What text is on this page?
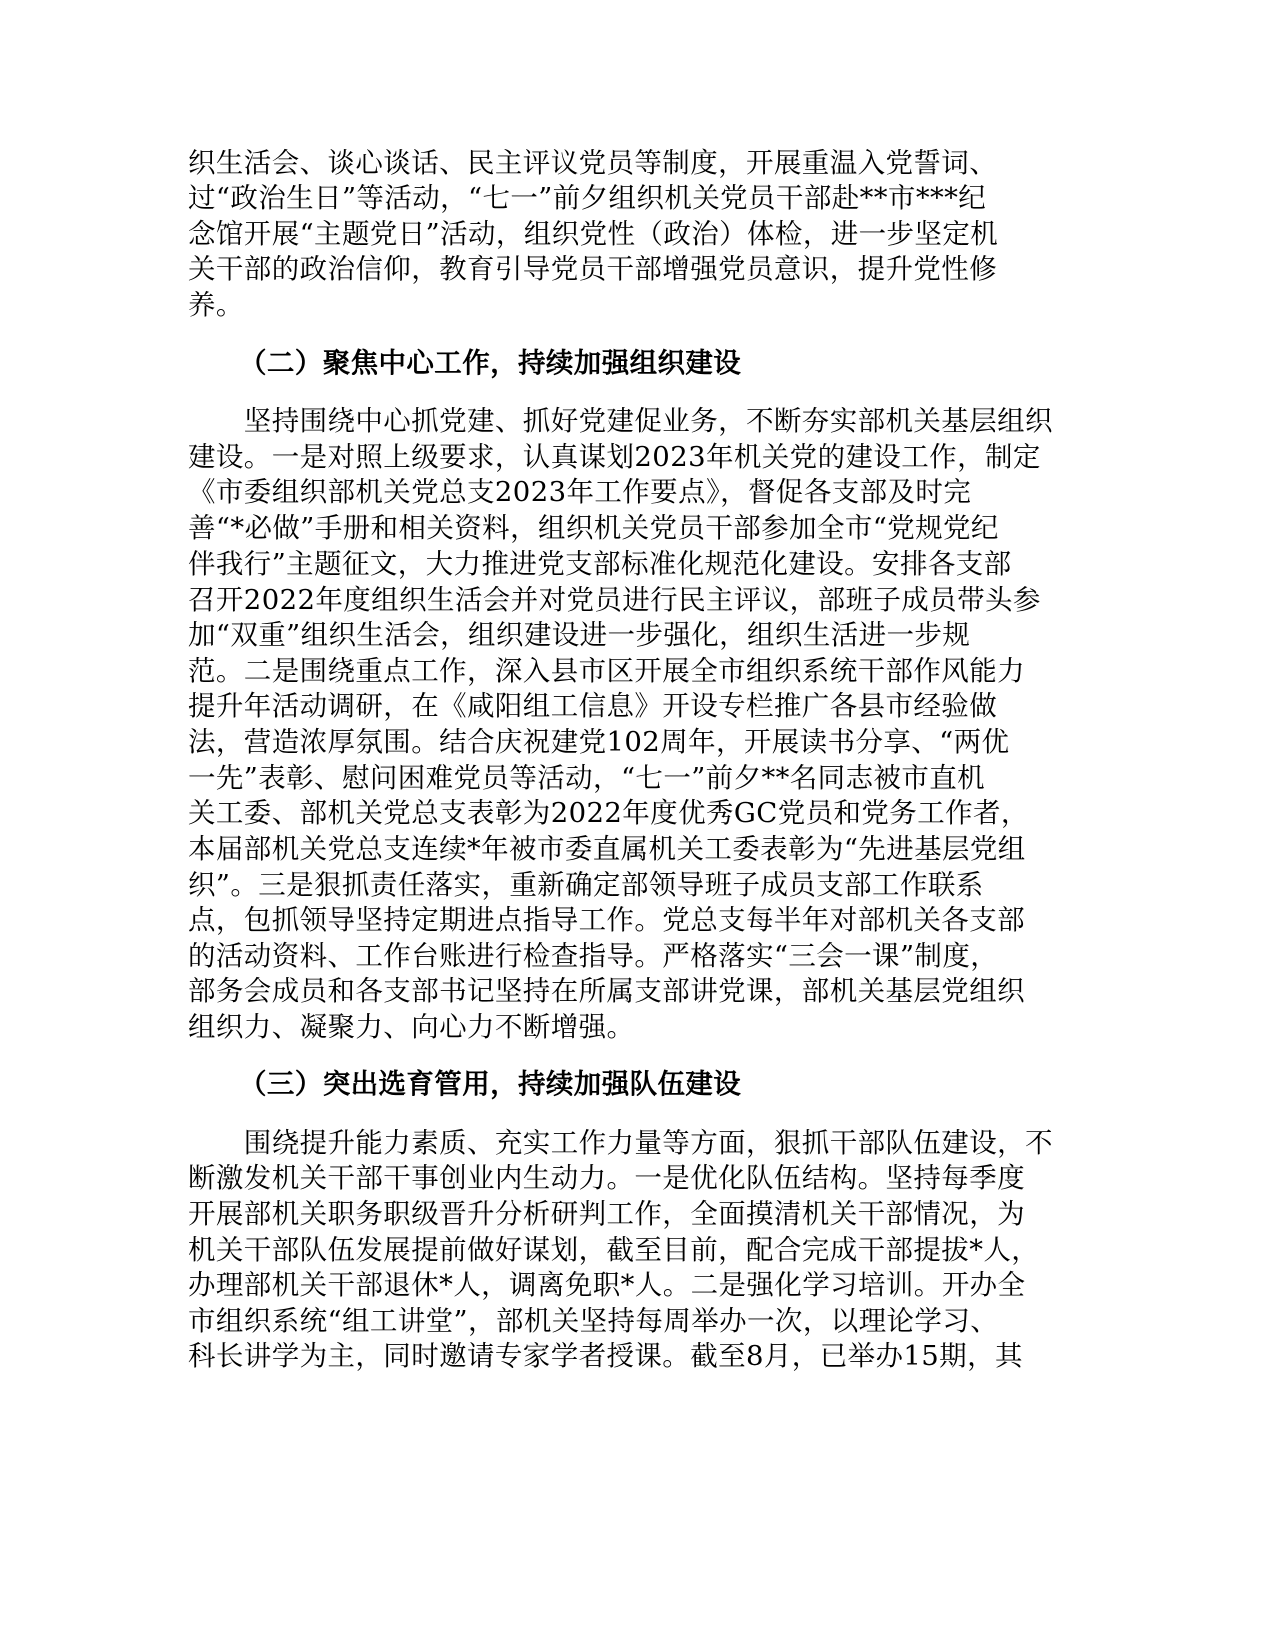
织生活会、谈心谈话、民主评议党员等制度，开展重温入党誓词、
过“政治生日”等活动，“七一”前夕组织机关党员干部赴**市***纪
念馆开展“主题党日”活动，组织党性（政治）体检，进一步坚定机
关干部的政治信仰，教育引导党员干部增强党员意识，提升党性修
养。
（二）聚焦中心工作，持续加强组织建设
　　坚持围绕中心抓党建、抓好党建促业务，不断夯实部机关基层组织
建设。一是对照上级要求，认真谋划2023年机关党的建设工作，制定
《市委组织部机关党总支2023年工作要点》，督促各支部及时完
善“*必做”手册和相关资料，组织机关党员干部参加全市“党规党纪
伴我行”主题征文，大力推进党支部标准化规范化建设。安排各支部
召开2022年度组织生活会并对党员进行民主评议，部班子成员带头参
加“双重”组织生活会，组织建设进一步强化，组织生活进一步规
范。二是围绕重点工作，深入县市区开展全市组织系统干部作风能力
提升年活动调研，在《咸阳组工信息》开设专栏推广各县市经验做
法，营造浓厚氛围。结合庆祝建党102周年，开展读书分享、“两优
一先”表彰、慰问困难党员等活动，“七一”前夕**名同志被市直机
关工委、部机关党总支表彰为2022年度优秀GC党员和党务工作者，
本届部机关党总支连续*年被市委直属机关工委表彰为“先进基层党组
织”。三是狠抓责任落实，重新确定部领导班子成员支部工作联系
点，包抓领导坚持定期进点指导工作。党总支每半年对部机关各支部
的活动资料、工作台账进行检查指导。严格落实“三会一课”制度，
部务会成员和各支部书记坚持在所属支部讲党课，部机关基层党组织
组织力、凝聚力、向心力不断增强。
（三）突出选育管用，持续加强队伍建设
　　围绕提升能力素质、充实工作力量等方面，狠抓干部队伍建设，不
断激发机关干部干事创业内生动力。一是优化队伍结构。坚持每季度
开展部机关职务职级晋升分析研判工作，全面摸清机关干部情况，为
机关干部队伍发展提前做好谋划，截至目前，配合完成干部提拔*人，
办理部机关干部退休*人，调离免职*人。二是强化学习培训。开办全
市组织系统“组工讲堂”，部机关坚持每周举办一次，以理论学习、
科长讲学为主，同时邀请专家学者授课。截至8月，已举办15期，其
